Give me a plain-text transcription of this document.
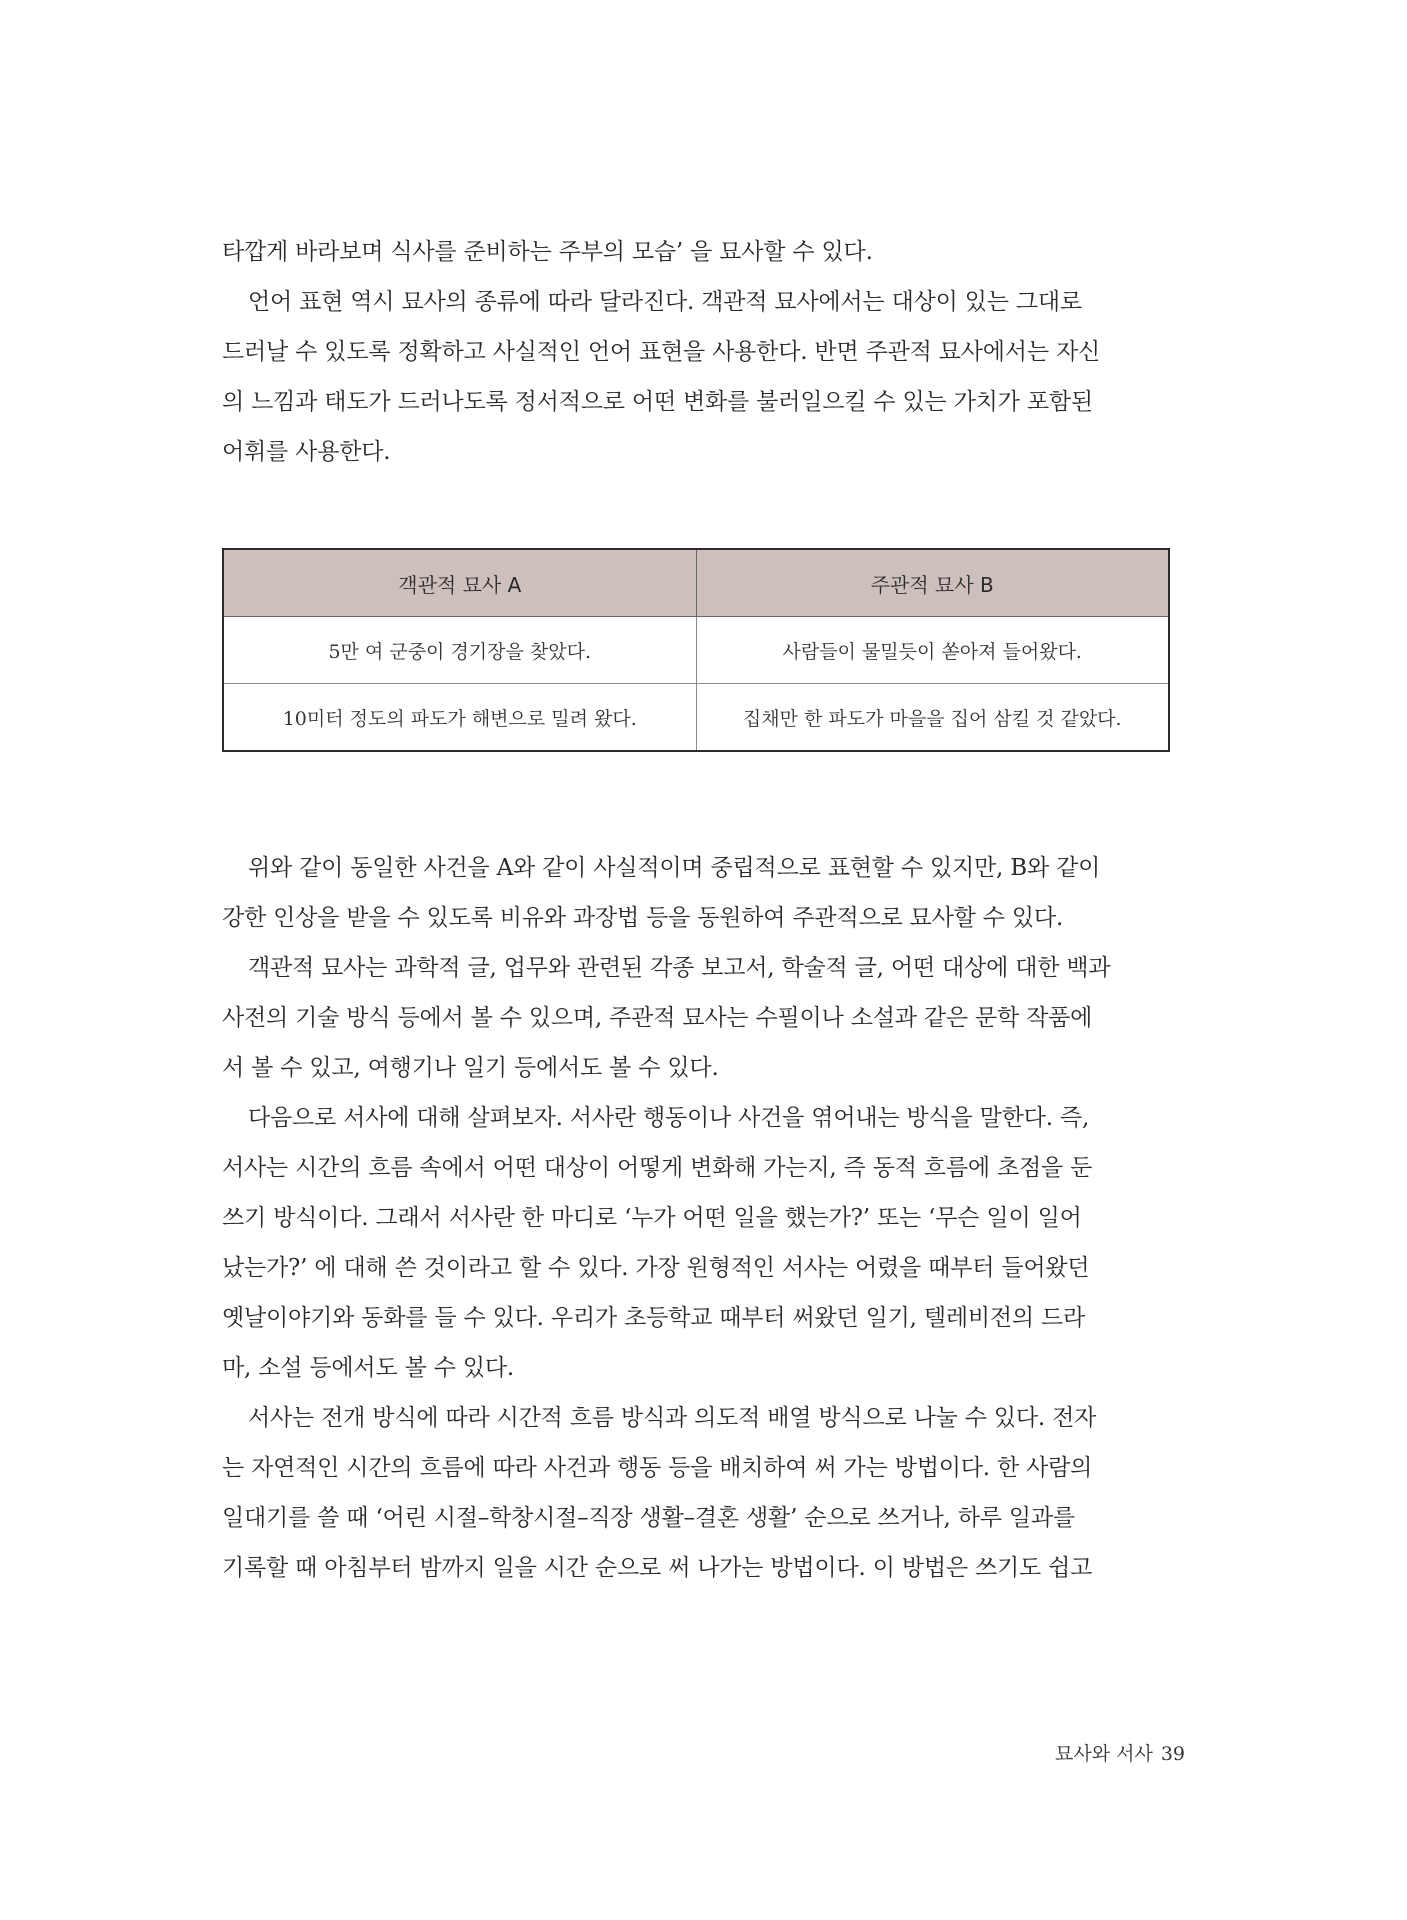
타깝게 바라보며 식사를 준비하는 주부의 모습’ 을 묘사할 수 있다.
언어 표현 역시 묘사의 종류에 따라 달라진다. 객관적 묘사에서는 대상이 있는 그대로
드러날 수 있도록 정확하고 사실적인 언어 표현을 사용한다. 반면 주관적 묘사에서는 자신
의 느낌과 태도가 드러나도록 정서적으로 어떤 변화를 불러일으킬 수 있는 가치가 포함된
어휘를 사용한다.
객관적 묘사 A	주관적 묘사 B
5만 여 군중이 경기장을 찾았다.	사람들이 물밀듯이 쏟아져 들어왔다.
10미터 정도의 파도가 해변으로 밀려 왔다.	집채만 한 파도가 마을을 집어 삼킬 것 같았다.
위와 같이 동일한 사건을 A와 같이 사실적이며 중립적으로 표현할 수 있지만, B와 같이
강한 인상을 받을 수 있도록 비유와 과장법 등을 동원하여 주관적으로 묘사할 수 있다.
객관적 묘사는 과학적 글, 업무와 관련된 각종 보고서, 학술적 글, 어떤 대상에 대한 백과
사전의 기술 방식 등에서 볼 수 있으며, 주관적 묘사는 수필이나 소설과 같은 문학 작품에
서 볼 수 있고, 여행기나 일기 등에서도 볼 수 있다.
다음으로 서사에 대해 살펴보자. 서사란 행동이나 사건을 엮어내는 방식을 말한다. 즉,
서사는 시간의 흐름 속에서 어떤 대상이 어떻게 변화해 가는지, 즉 동적 흐름에 초점을 둔
쓰기 방식이다. 그래서 서사란 한 마디로 ‘누가 어떤 일을 했는가?’ 또는 ‘무슨 일이 일어
났는가?’ 에 대해 쓴 것이라고 할 수 있다. 가장 원형적인 서사는 어렸을 때부터 들어왔던
옛날이야기와 동화를 들 수 있다. 우리가 초등학교 때부터 써왔던 일기, 텔레비전의 드라
마, 소설 등에서도 볼 수 있다.
서사는 전개 방식에 따라 시간적 흐름 방식과 의도적 배열 방식으로 나눌 수 있다. 전자
는 자연적인 시간의 흐름에 따라 사건과 행동 등을 배치하여 써 가는 방법이다. 한 사람의
일대기를 쓸 때 ‘어린 시절–학창시절–직장 생활–결혼 생활’ 순으로 쓰거나, 하루 일과를
기록할 때 아침부터 밤까지 일을 시간 순으로 써 나가는 방법이다. 이 방법은 쓰기도 쉽고
묘사와 서사 39
